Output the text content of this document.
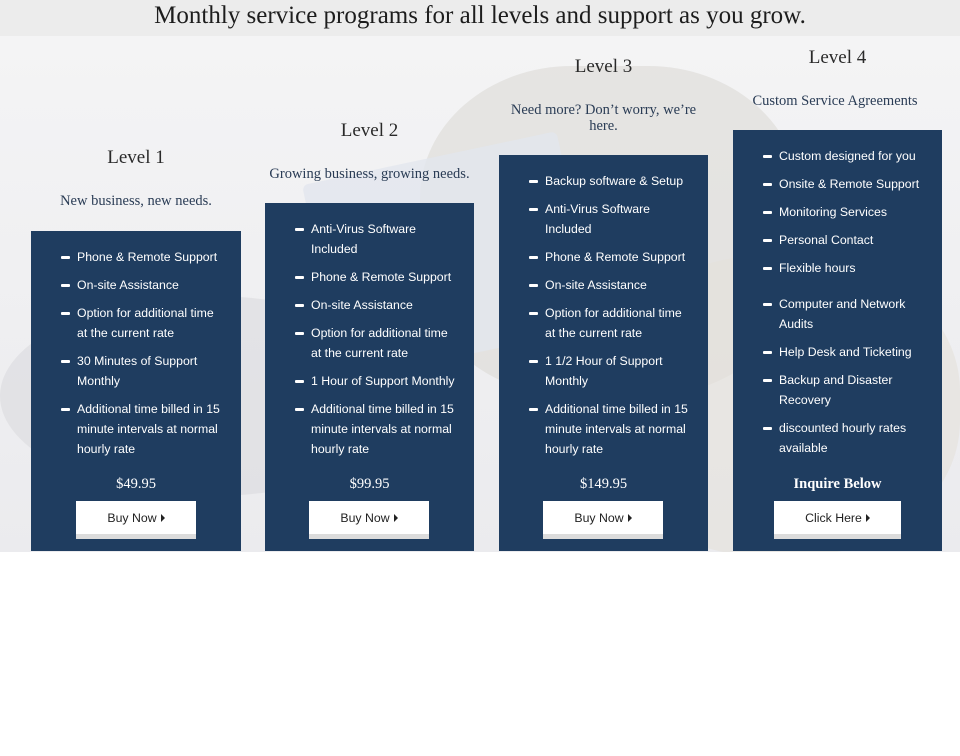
Monthly service programs for all levels and support as you grow.
Level 1

New business, new needs.

Phone & Remote Support
On-site Assistance
Option for additional time at the current rate
30 Minutes of Support Monthly
Additional time billed in 15 minute intervals at normal hourly rate
$49.95
Buy Now
Level 2

Growing business, growing needs.

Anti-Virus Software Included
Phone & Remote Support
On-site Assistance
Option for additional time at the current rate
1 Hour of Support Monthly
Additional time billed in 15 minute intervals at normal hourly rate
$99.95
Buy Now
Level 3

Need more? Don’t worry, we’re here.

Backup software & Setup
Anti-Virus Software Included
Phone & Remote Support
On-site Assistance
Option for additional time at the current rate
1 1/2 Hour of Support Monthly
Additional time billed in 15 minute intervals at normal hourly rate
$149.95
Buy Now
Level 4

Custom Service Agreements

Custom designed for you
Onsite & Remote Support
Monitoring Services
Personal Contact
Flexible hours
Computer and Network Audits
Help Desk and Ticketing
Backup and Disaster Recovery
discounted hourly rates available
Inquire Below
Click Here
